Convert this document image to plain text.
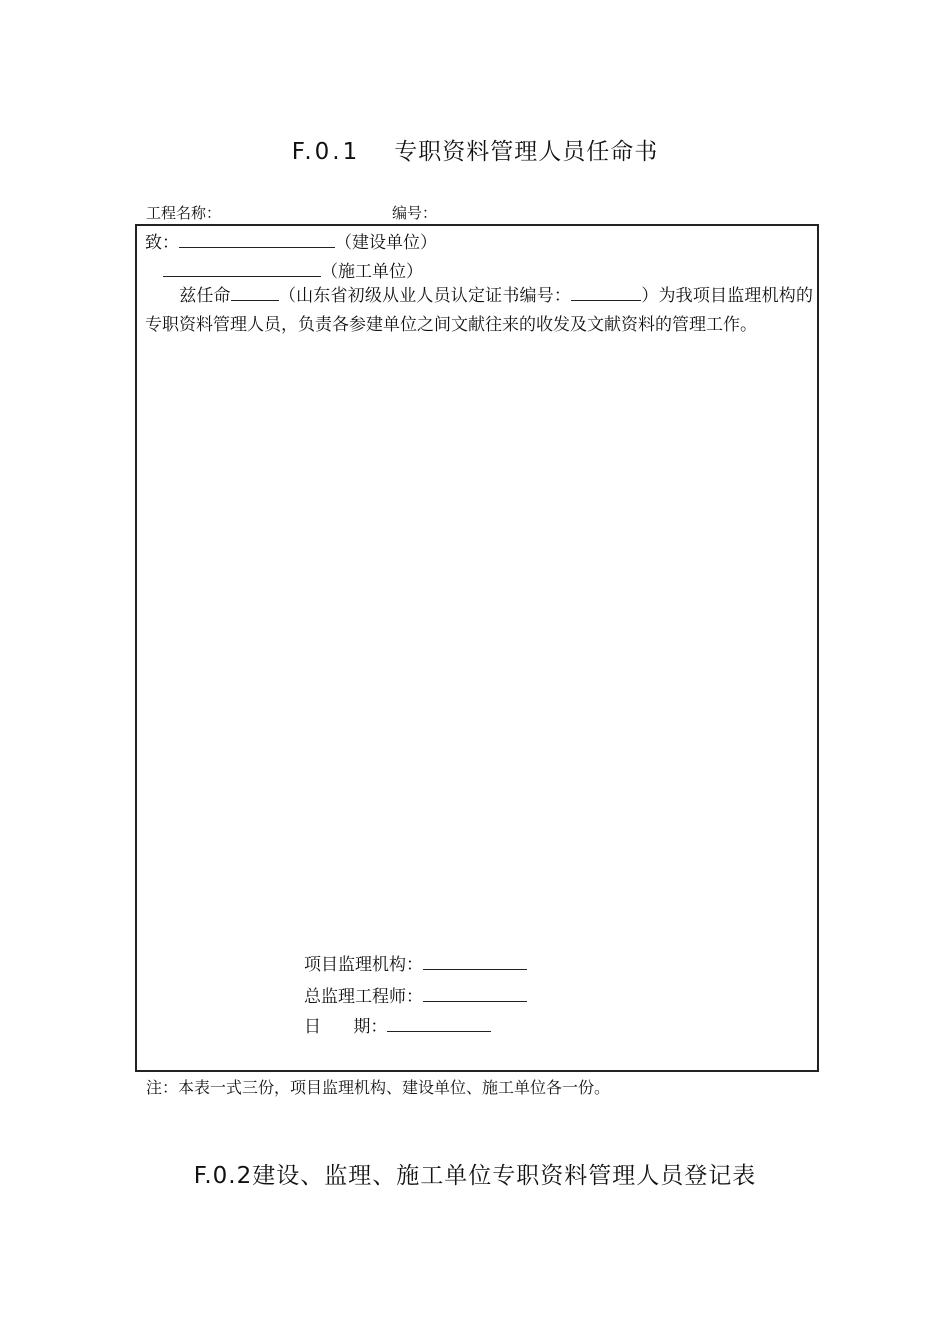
F.0.1 专职资料管理人员任命书
工程名称：	编号：
致：	（建设单位）
（施工单位）
兹任命	（山东省初级从业人员认定证书编号：	）为我项目监理机构的专职资料管理人员，负责各参建单位之间文献往来的收发及文献资料的管理工作。
项目监理机构：
总监理工程师：
日      期：
注：本表一式三份，项目监理机构、建设单位、施工单位各一份。
F.0.2建设、监理、施工单位专职资料管理人员登记表
